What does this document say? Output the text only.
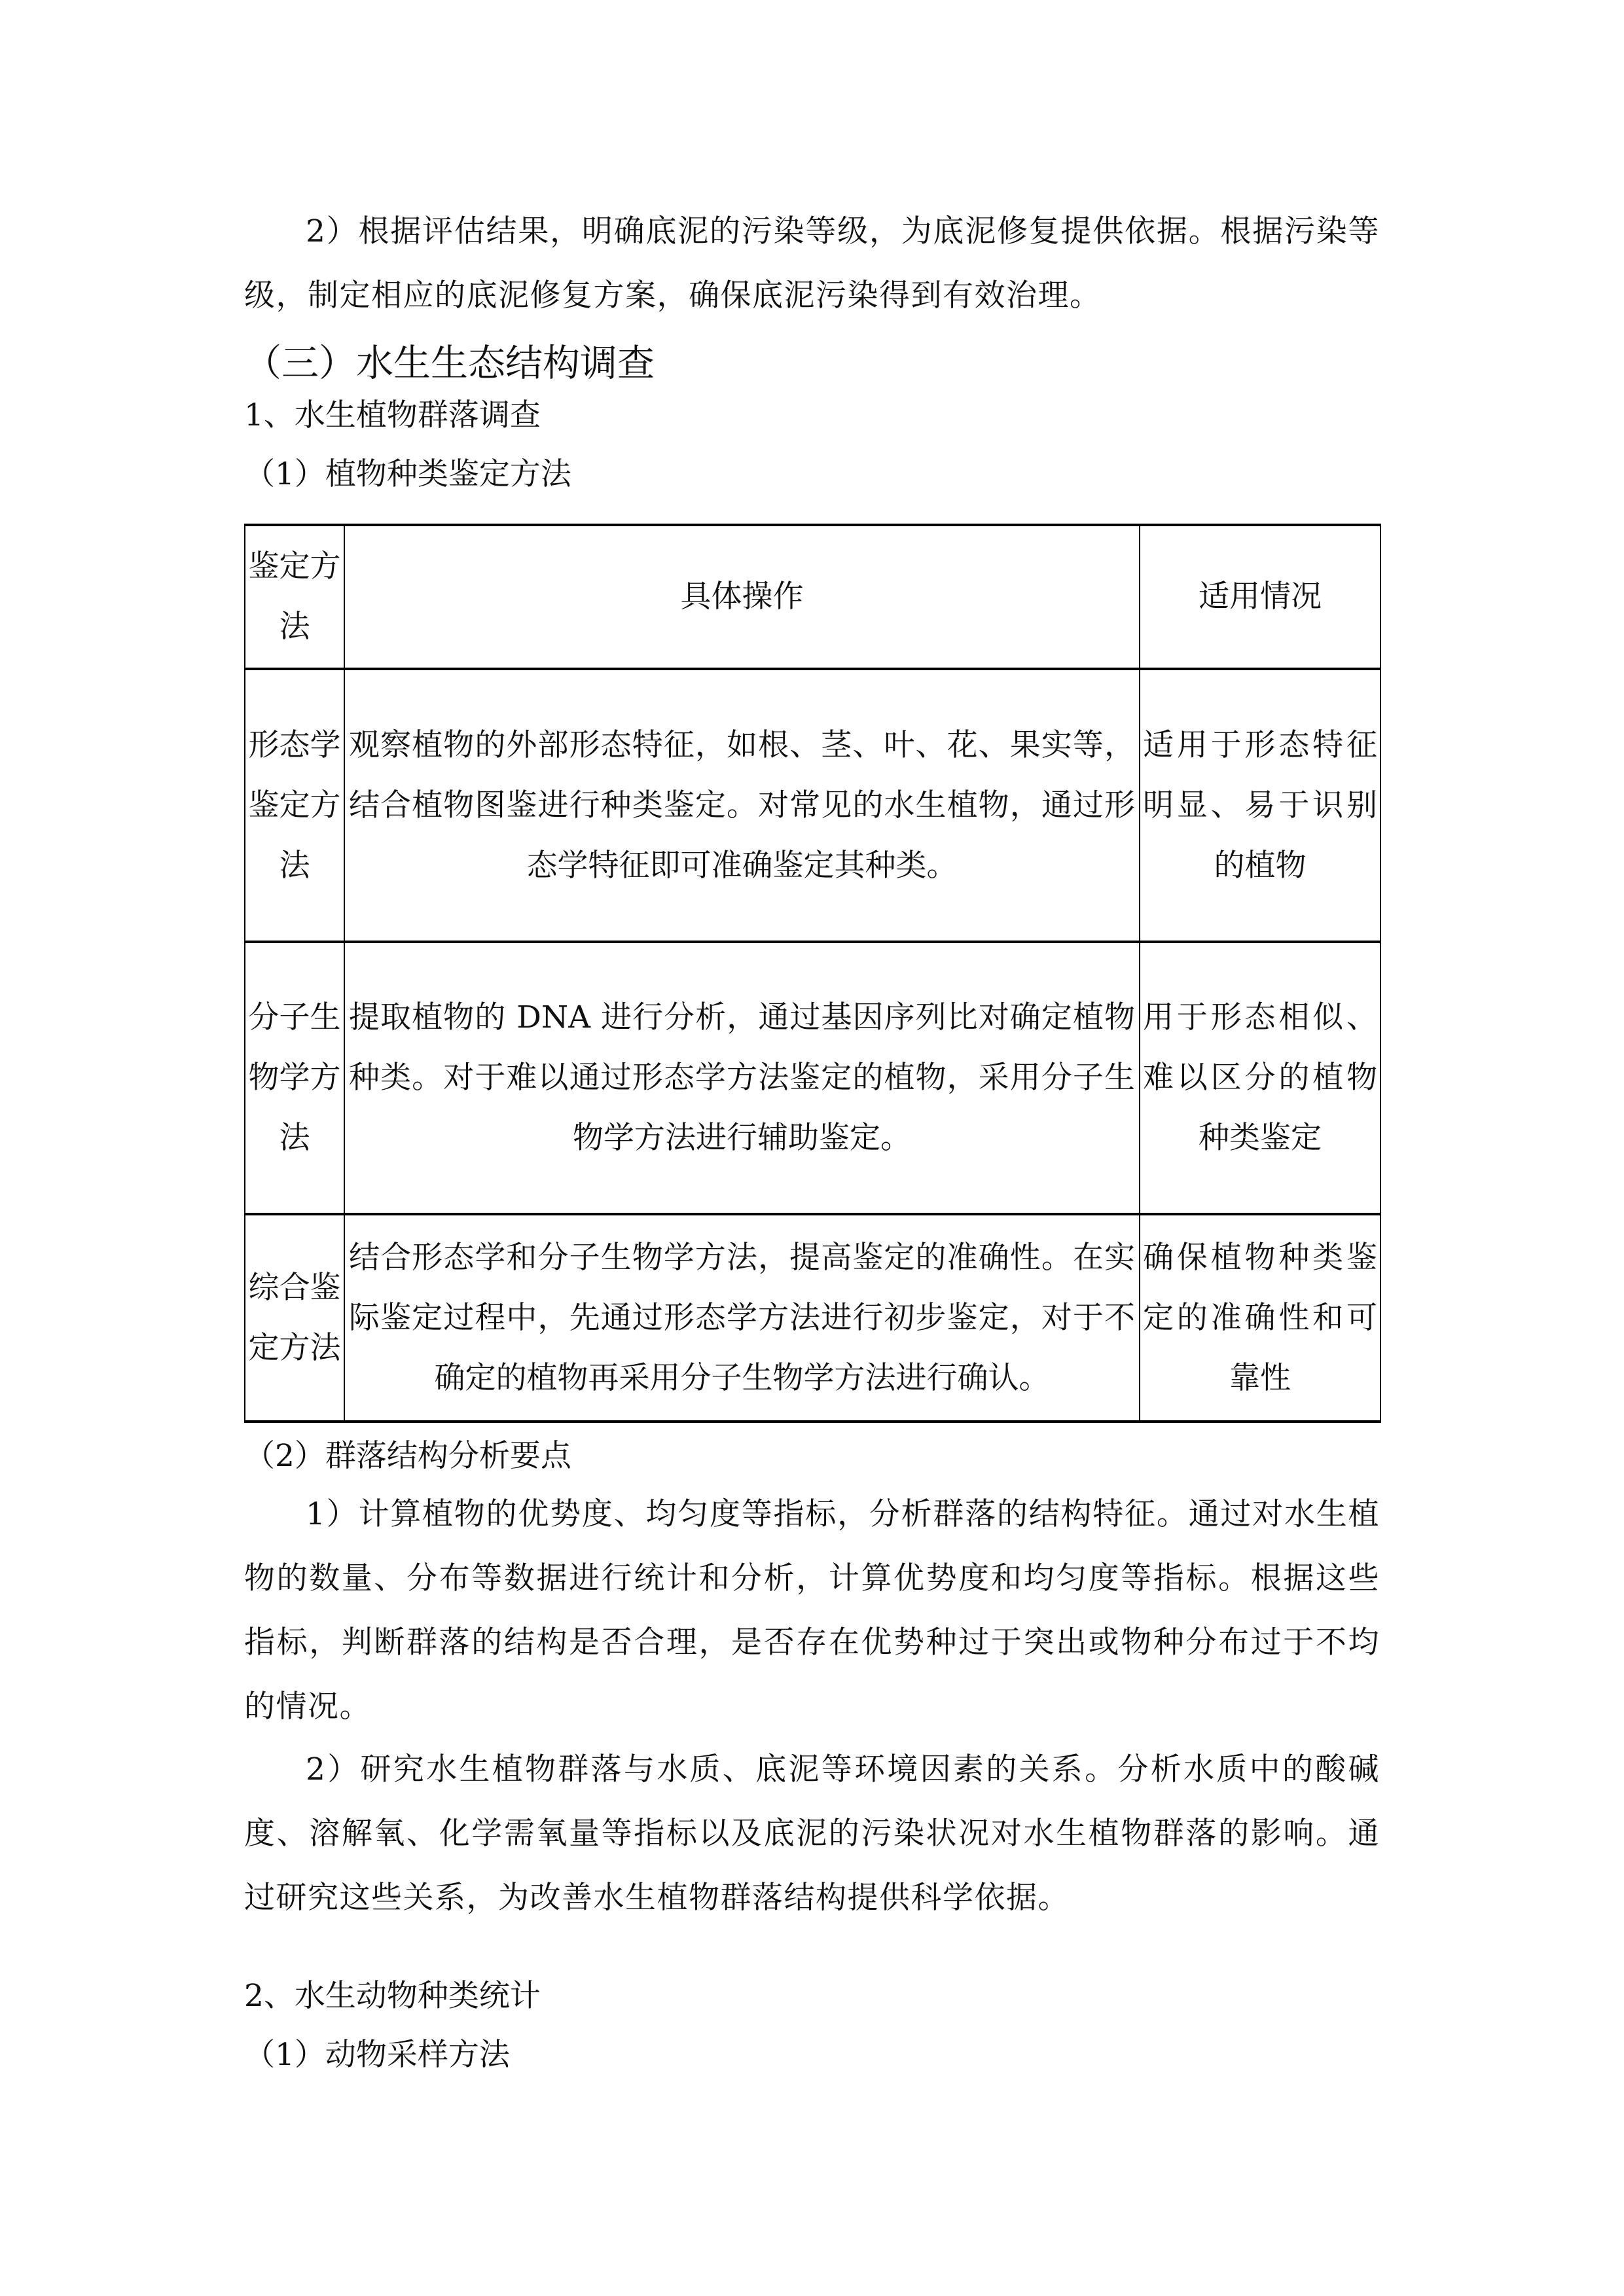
2）根据评估结果，明确底泥的污染等级，为底泥修复提供依据。根据污染等级，制定相应的底泥修复方案，确保底泥污染得到有效治理。

（三）水生生态结构调查
1、水生植物群落调查
（1）植物种类鉴定方法
鉴定方法	具体操作	适用情况
形态学鉴定方法	观察植物的外部形态特征，如根、茎、叶、花、果实等，结合植物图鉴进行种类鉴定。对常见的水生植物，通过形态学特征即可准确鉴定其种类。	适用于形态特征明显、易于识别的植物
分子生物学方法	提取植物的 DNA 进行分析，通过基因序列比对确定植物种类。对于难以通过形态学方法鉴定的植物，采用分子生物学方法进行辅助鉴定。	用于形态相似、难以区分的植物种类鉴定
综合鉴定方法	结合形态学和分子生物学方法，提高鉴定的准确性。在实际鉴定过程中，先通过形态学方法进行初步鉴定，对于不确定的植物再采用分子生物学方法进行确认。	确保植物种类鉴定的准确性和可靠性
（2）群落结构分析要点

1）计算植物的优势度、均匀度等指标，分析群落的结构特征。通过对水生植物的数量、分布等数据进行统计和分析，计算优势度和均匀度等指标。根据这些指标，判断群落的结构是否合理，是否存在优势种过于突出或物种分布过于不均的情况。

2）研究水生植物群落与水质、底泥等环境因素的关系。分析水质中的酸碱度、溶解氧、化学需氧量等指标以及底泥的污染状况对水生植物群落的影响。通过研究这些关系，为改善水生植物群落结构提供科学依据。

2、水生动物种类统计
（1）动物采样方法
